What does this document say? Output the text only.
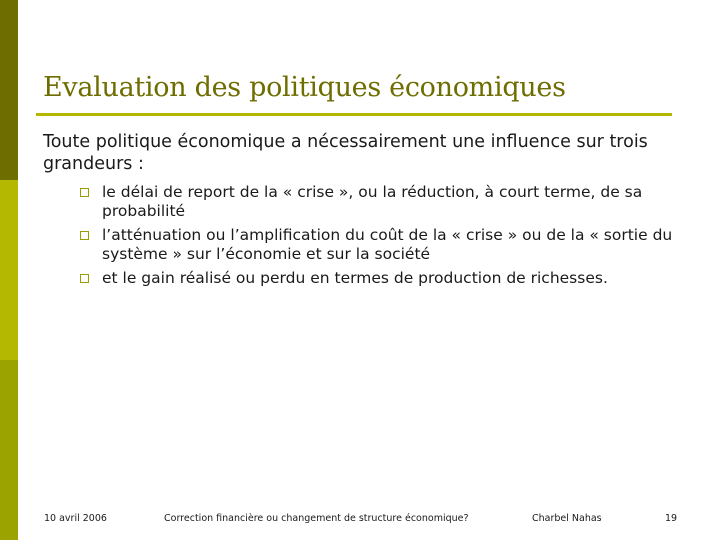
Evaluation des politiques économiques
Toute politique économique a nécessairement une influence sur trois grandeurs :
le délai de report de la « crise », ou la réduction, à court terme, de sa probabilité
l’atténuation ou l’amplification du coût de la « crise » ou de la « sortie du système » sur l’économie et sur la société
et le gain réalisé ou perdu en termes de production de richesses.
10 avril 2006	Correction financière ou changement de structure économique?	Charbel Nahas	19
